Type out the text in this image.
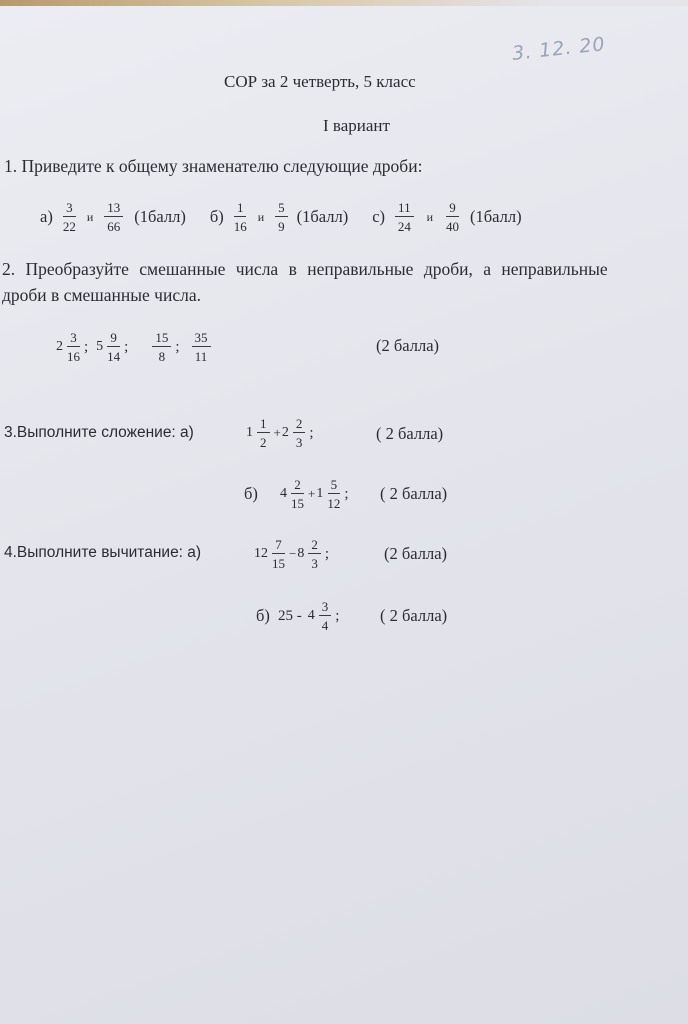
3. 12. 20
СОР за 2 четверть, 5 класс
I вариант
1. Приведите к общему знаменателю следующие дроби:
$а) \frac{3}{22}$ и $\frac{13}{66}$ (1балл) $б) \frac{1}{16}$ и $\frac{5}{9}$ (1балл) $с) \frac{11}{24}$ и $\frac{9}{40}$ (1балл)
2. Преобразуйте смешанные числа в неправильные дроби, а неправильные
дроби в смешанные числа.
$2 \frac{3}{16}$ ; $5 \frac{9}{14}$ ; $\frac{15}{8}$ ; $\frac{35}{11}$	(2 балла)
3.Выполните сложение: а)	$1 \frac{1}{2} + 2 \frac{2}{3}$ ;	( 2 балла)
б) $4 \frac{2}{15} + 1 \frac{5}{12}$ ; ( 2 балла)
4.Выполните вычитание: а)	$12 \frac{7}{15} - 8 \frac{2}{3}$ ;	(2 балла)
б) $25 - 4 \frac{3}{4}$ ; ( 2 балла)
